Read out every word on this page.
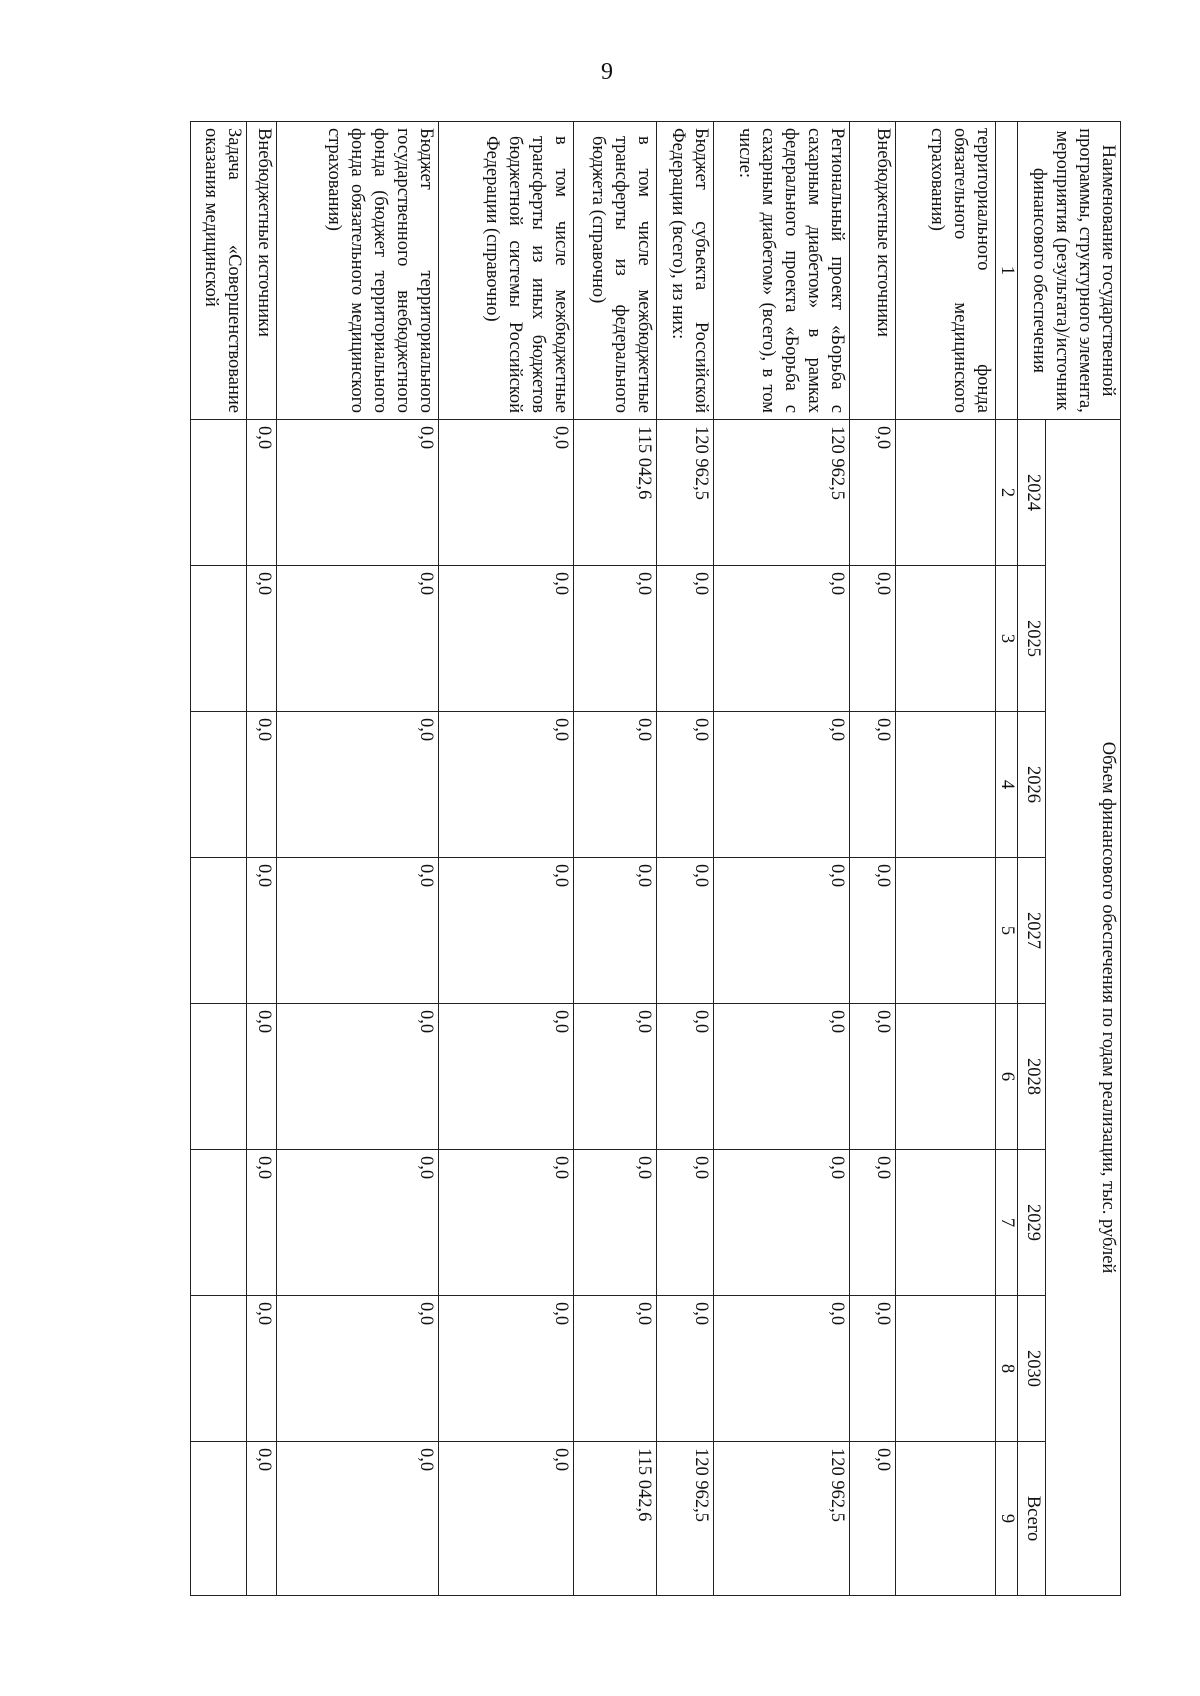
9
Наименование государственной программы, структурного элемента, мероприятия (результата)/источник финансового обеспечения	Объем финансового обеспечения по годам реализации, тыс. рублей							
	2024	2025	2026	2027	2028	2029	2030	Всего
1	2	3	4	5	6	7	8	9
территориального фонда обязательного медицинского страхования)								
Внебюджетные источники	0,0	0,0	0,0	0,0	0,0	0,0	0,0	0,0
Региональный проект «Борьба с сахарным диабетом» в рамках федерального проекта «Борьба с сахарным диабетом» (всего), в том числе:	120 962,5	0,0	0,0	0,0	0,0	0,0	0,0	120 962,5
Бюджет субъекта Российской Федерации (всего), из них:	120 962,5	0,0	0,0	0,0	0,0	0,0	0,0	120 962,5
в том числе межбюджетные трансферты из федерального бюджета (справочно)	115 042,6	0,0	0,0	0,0	0,0	0,0	0,0	115 042,6
в том числе межбюджетные трансферты из иных бюджетов бюджетной системы Российской Федерации (справочно)	0,0	0,0	0,0	0,0	0,0	0,0	0,0	0,0
Бюджет территориального государственного внебюджетного фонда (бюджет территориального фонда обязательного медицинского страхования)	0,0	0,0	0,0	0,0	0,0	0,0	0,0	0,0
Внебюджетные источники	0,0	0,0	0,0	0,0	0,0	0,0	0,0	0,0
Задача «Совершенствование оказания медицинской								
